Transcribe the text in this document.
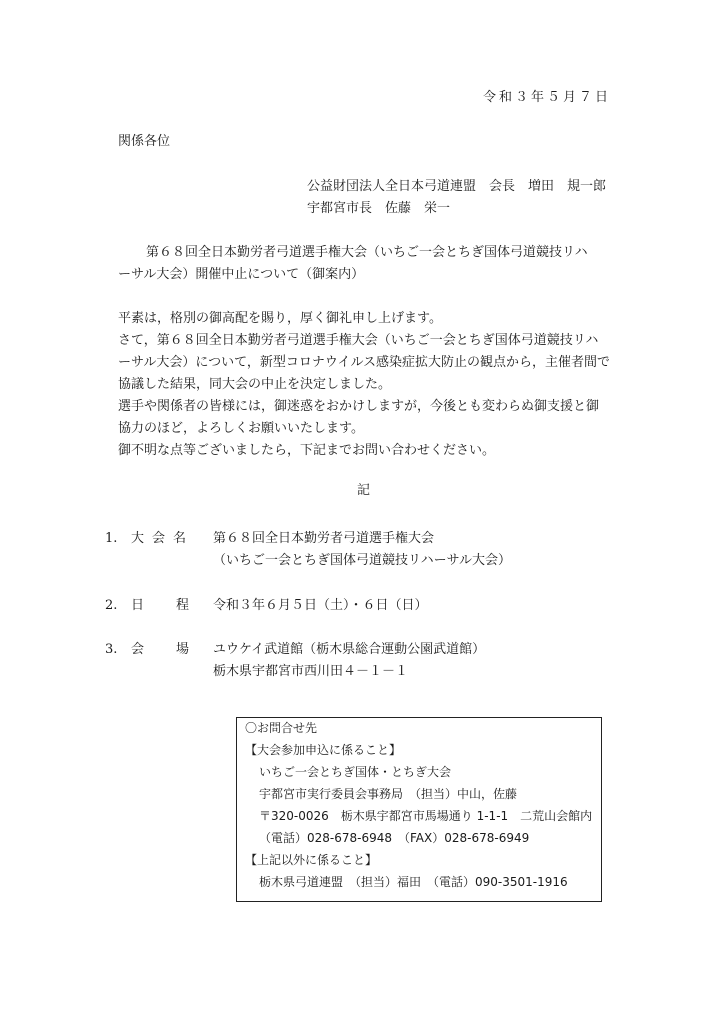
令和３年５月７日
関係各位
公益財団法人全日本弓道連盟　会長　増田　規一郎
宇都宮市長　佐藤　栄一
第６８回全日本勤労者弓道選手権大会（いちご一会とちぎ国体弓道競技リハ
ーサル大会）開催中止について（御案内）
平素は，格別の御高配を賜り，厚く御礼申し上げます。
さて，第６８回全日本勤労者弓道選手権大会（いちご一会とちぎ国体弓道競技リハ
ーサル大会）について，新型コロナウイルス感染症拡大防止の観点から，主催者間で
協議した結果，同大会の中止を決定しました。
選手や関係者の皆様には，御迷惑をおかけしますが，今後とも変わらぬ御支援と御
協力のほど，よろしくお願いいたします。
御不明な点等ございましたら，下記までお問い合わせください。
記
1. 大会名 第６８回全日本勤労者弓道選手権大会
（いちご一会とちぎ国体弓道競技リハーサル大会）
2. 日程
令和３年６月５日（土）・６日（日）
3. 会場
ユウケイ武道館（栃木県総合運動公園武道館）
栃木県宇都宮市西川田４－１－１
〇お問合せ先
【大会参加申込に係ること】
いちご一会とちぎ国体・とちぎ大会
宇都宮市実行委員会事務局　（担当）中山，佐藤
〒320-0026　栃木県宇都宮市馬場通り 1-1-1　二荒山会館内
（電話）028-678-6948　（FAX）028-678-6949
【上記以外に係ること】
栃木県弓道連盟　（担当）福田　（電話）090-3501-1916
